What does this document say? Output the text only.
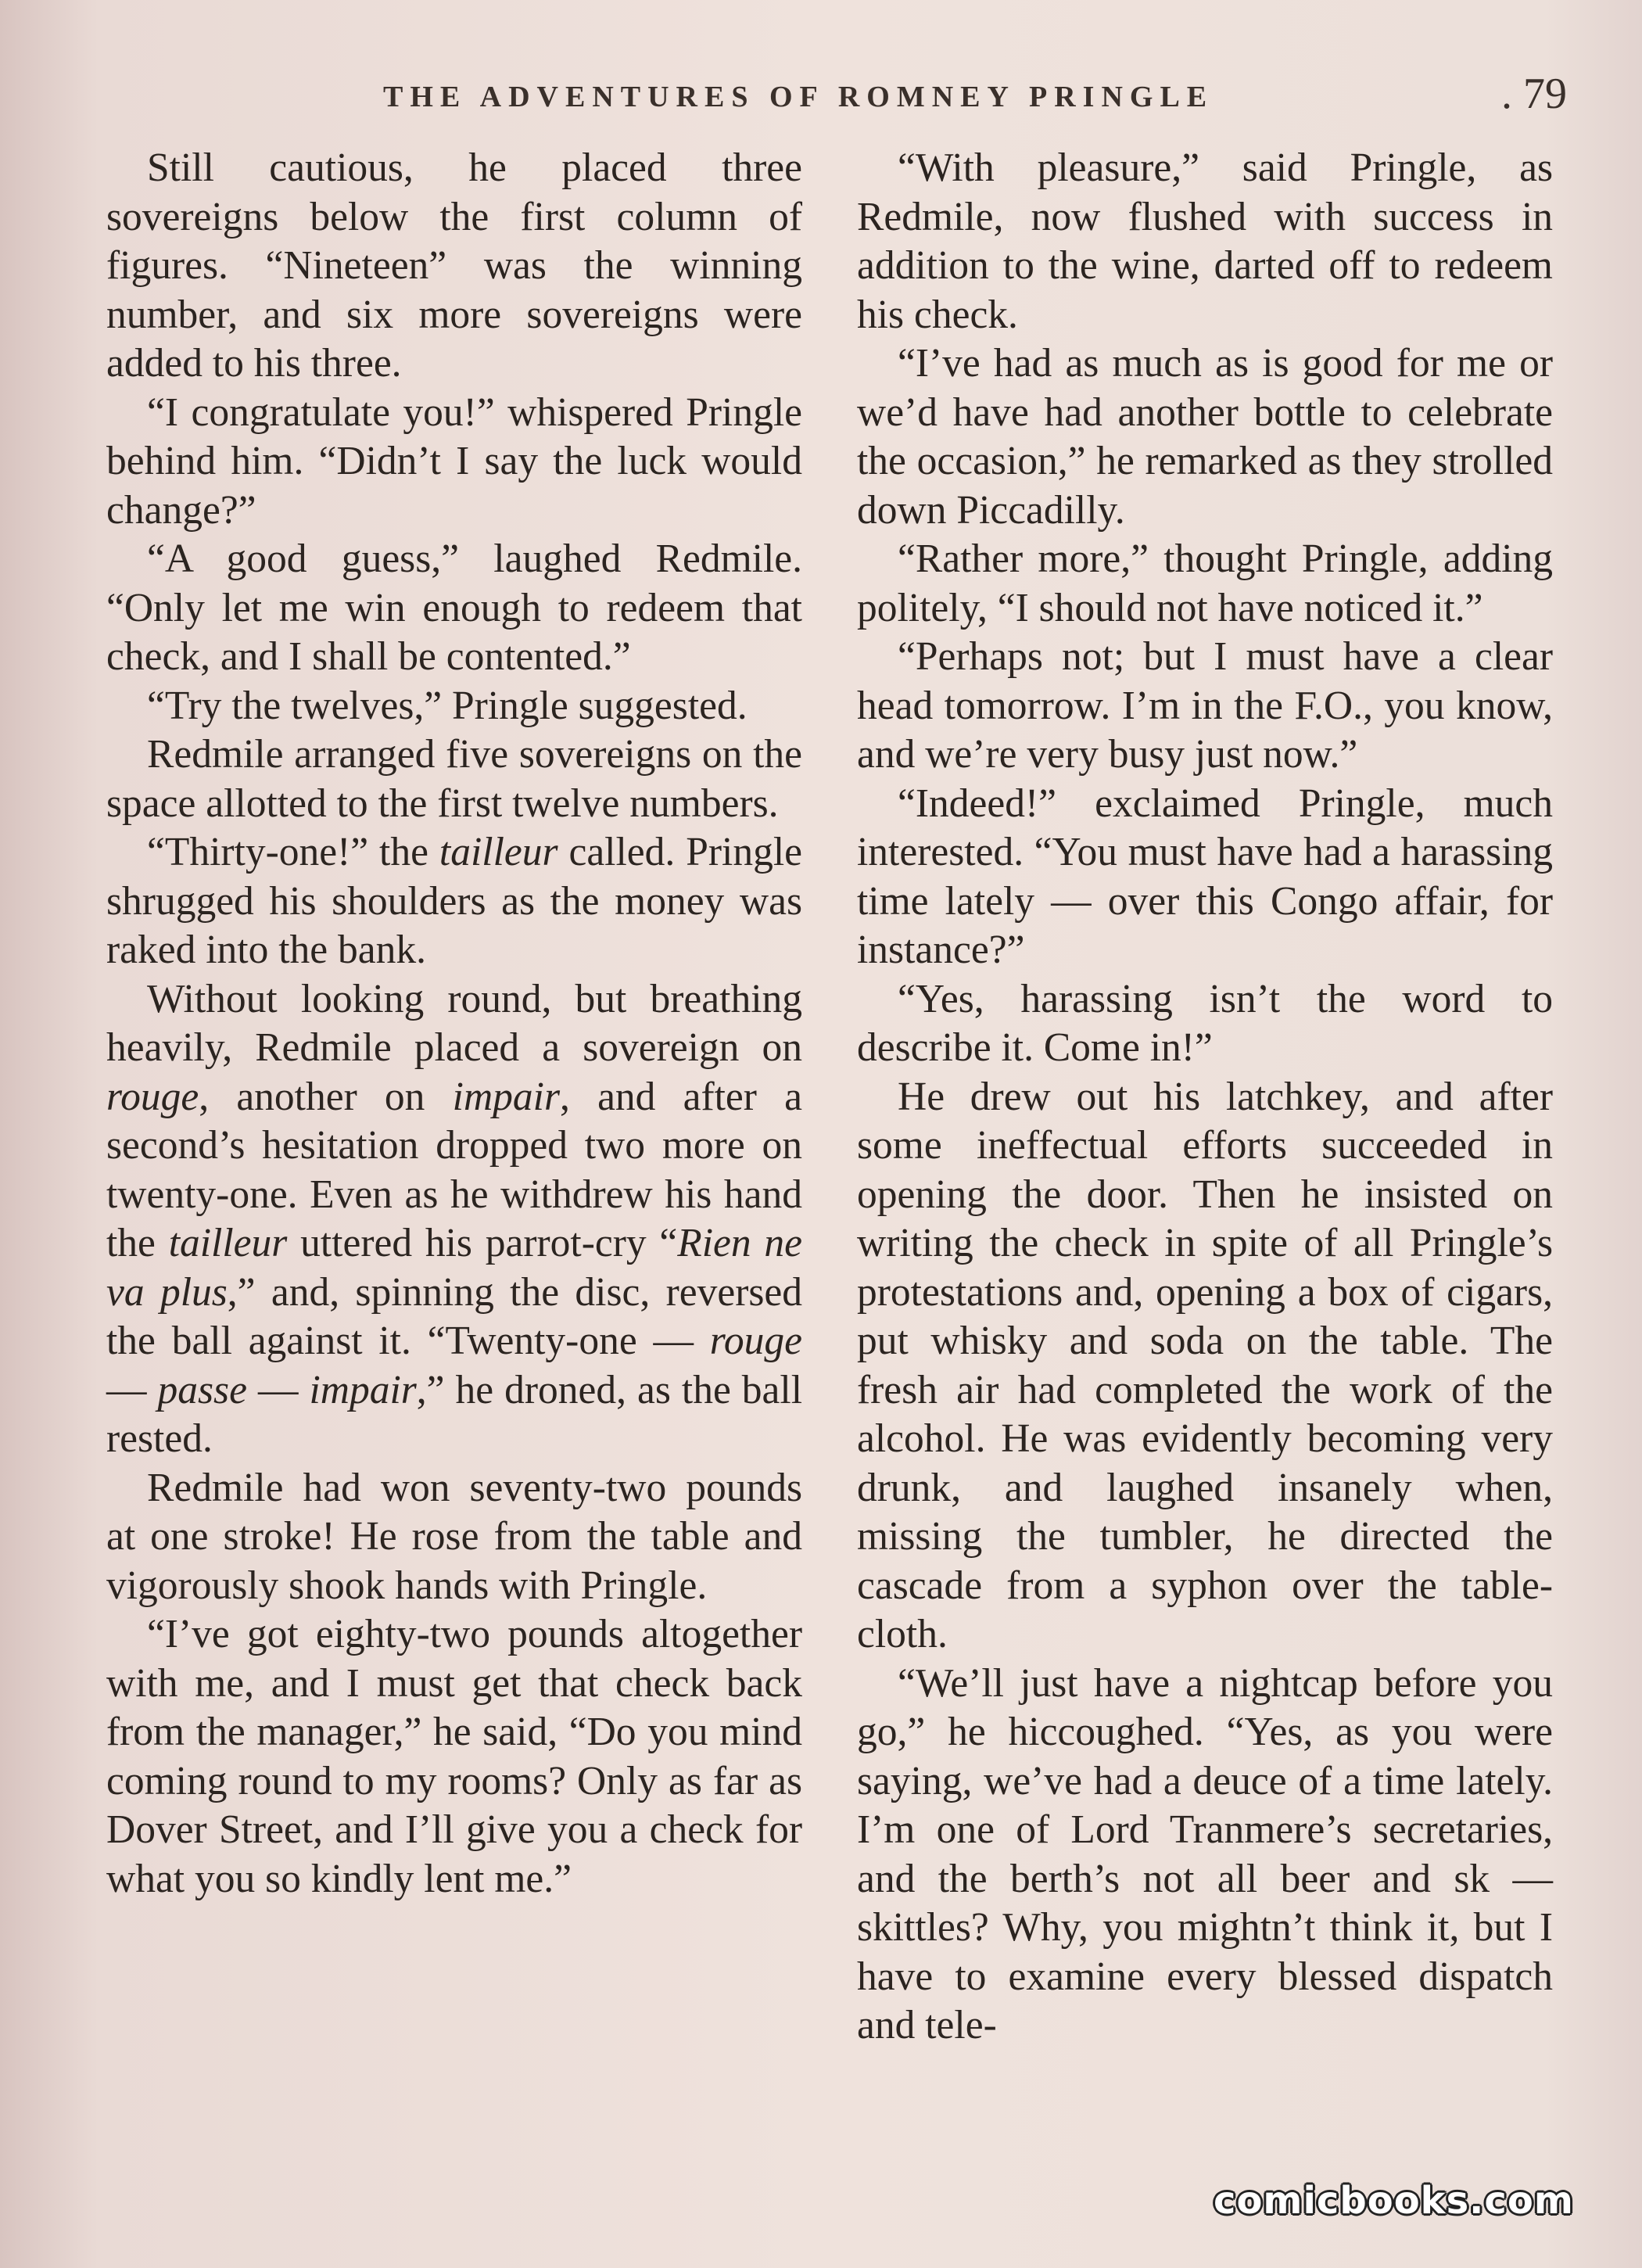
THE ADVENTURES OF ROMNEY PRINGLE	. 79

Still cautious, he placed three sovereigns below the first column of figures. “Nineteen” was the winning number, and six more sovereigns were added to his three.

“I congratulate you!” whispered Pringle behind him. “Didn’t I say the luck would change?”

“A good guess,” laughed Redmile. “Only let me win enough to redeem that check, and I shall be contented.”

“Try the twelves,” Pringle suggested.

Redmile arranged five sovereigns on the space allotted to the first twelve numbers.

“Thirty-one!” the tailleur called. Pringle shrugged his shoulders as the money was raked into the bank.

Without looking round, but breathing heavily, Redmile placed a sovereign on rouge, another on impair, and after a second’s hesitation dropped two more on twenty-one. Even as he withdrew his hand the tailleur uttered his parrot-cry “Rien ne va plus,” and, spinning the disc, reversed the ball against it. “Twenty-one — rouge — passe — impair,” he droned, as the ball rested.

Redmile had won seventy-two pounds at one stroke! He rose from the table and vigorously shook hands with Pringle.

“I’ve got eighty-two pounds altogether with me, and I must get that check back from the manager,” he said, “Do you mind coming round to my rooms? Only as far as Dover Street, and I’ll give you a check for what you so kindly lent me.”

“With pleasure,” said Pringle, as Redmile, now flushed with success in addition to the wine, darted off to redeem his check.

“I’ve had as much as is good for me or we’d have had another bottle to celebrate the occasion,” he remarked as they strolled down Piccadilly.

“Rather more,” thought Pringle, adding politely, “I should not have noticed it.”

“Perhaps not; but I must have a clear head tomorrow. I’m in the F.O., you know, and we’re very busy just now.”

“Indeed!” exclaimed Pringle, much interested. “You must have had a harassing time lately — over this Congo affair, for instance?”

“Yes, harassing isn’t the word to describe it. Come in!”

He drew out his latchkey, and after some ineffectual efforts succeeded in opening the door. Then he insisted on writing the check in spite of all Pringle’s protestations and, opening a box of cigars, put whisky and soda on the table. The fresh air had completed the work of the alcohol. He was evidently becoming very drunk, and laughed insanely when, missing the tumbler, he directed the cascade from a syphon over the table-cloth.

“We’ll just have a nightcap before you go,” he hiccoughed. “Yes, as you were saying, we’ve had a deuce of a time lately. I’m one of Lord Tranmere’s secretaries, and the berth’s not all beer and sk — skittles? Why, you mightn’t think it, but I have to examine every blessed dispatch and tele-

comicbooks.com
